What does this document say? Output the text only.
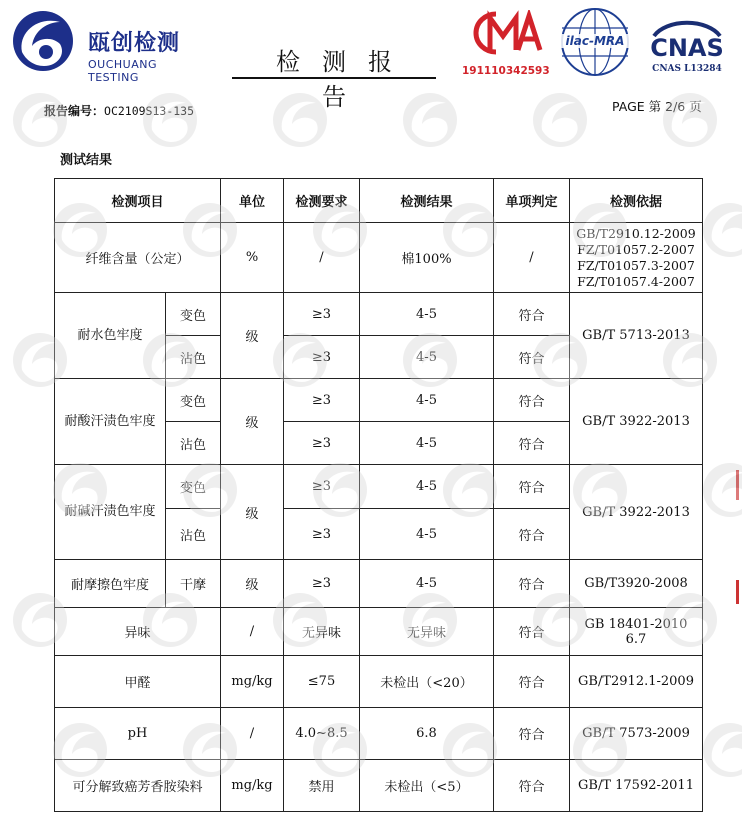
瓯创检测
OUCHUANG TESTING
检测报告
191110342593
ilac-MRA	CNAS
CNAS L13284
报告编号：OC2109S13-135	PAGE 第 2/6 页
测试结果
检测项目		单位	检测要求	检测结果	单项判定	检测依据
纤维含量（公定）		%	/	棉100%	/	GB/T2910.12-2009
FZ/T01057.2-2007
FZ/T01057.3-2007
FZ/T01057.4-2007

耐水色牢度	变色	级	≥3	4-5	符合	GB/T 5713-2013
	沾色		≥3	4-5	符合	
耐酸汗渍色牢度	变色	级	≥3	4-5	符合	GB/T 3922-2013
	沾色		≥3	4-5	符合	
耐碱汗渍色牢度	变色	级	≥3	4-5	符合	GB/T 3922-2013
	沾色		≥3	4-5	符合	
耐摩擦色牢度	干摩	级	≥3	4-5	符合	GB/T3920-2008
异味		/	无异味	无异味	符合	GB 18401-2010 6.7
甲醛		mg/kg	≤75	未检出（<20）	符合	GB/T2912.1-2009
pH		/	4.0~8.5	6.8	符合	GB/T 7573-2009
可分解致癌芳香胺染料		mg/kg	禁用	未检出（<5）	符合	GB/T 17592-2011
